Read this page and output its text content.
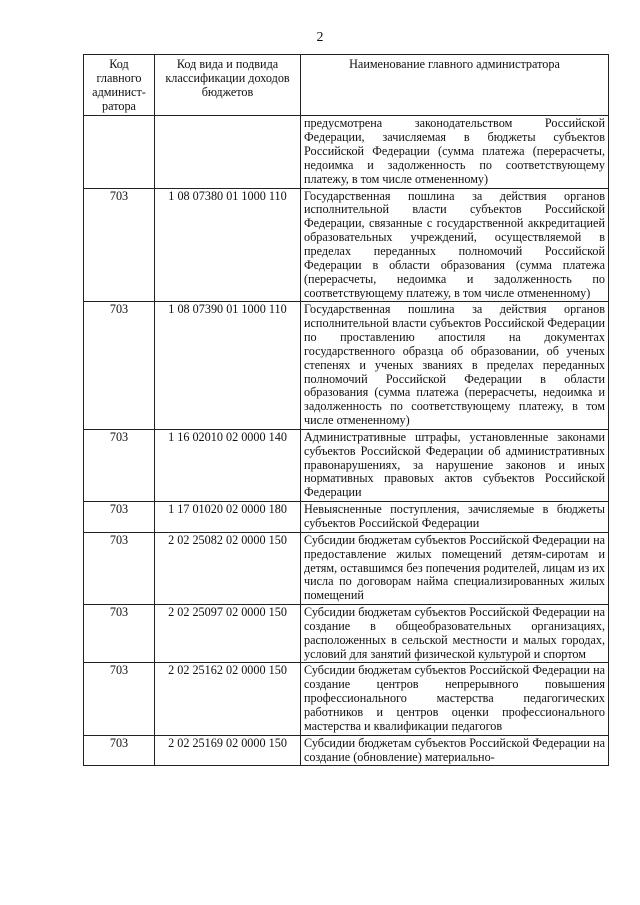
2
Код главного админист-ратора	Код вида и подвида классификации доходов бюджетов	Наименование главного администратора
		предусмотрена законодательством Российской Федерации, зачисляемая в бюджеты субъектов Российской Федерации (сумма платежа (перерасчеты, недоимка и задолженность по соответствующему платежу, в том числе отмененному)
703	1 08 07380 01 1000 110	Государственная пошлина за действия органов исполнительной власти субъектов Российской Федерации, связанные с государственной аккредитацией образовательных учреждений, осуществляемой в пределах переданных полномочий Российской Федерации в области образования (сумма платежа (перерасчеты, недоимка и задолженность по соответствующему платежу, в том числе отмененному)
703	1 08 07390 01 1000 110	Государственная пошлина за действия органов исполнительной власти субъектов Российской Федерации по проставлению апостиля на документах государственного образца об образовании, об ученых степенях и ученых званиях в пределах переданных полномочий Российской Федерации в области образования (сумма платежа (перерасчеты, недоимка и задолженность по соответствующему платежу, в том числе отмененному)
703	1 16 02010 02 0000 140	Административные штрафы, установленные законами субъектов Российской Федерации об административных правонарушениях, за нарушение законов и иных нормативных правовых актов субъектов Российской Федерации
703	1 17 01020 02 0000 180	Невыясненные поступления, зачисляемые в бюджеты субъектов Российской Федерации
703	2 02 25082 02 0000 150	Субсидии бюджетам субъектов Российской Федерации на предоставление жилых помещений детям-сиротам и детям, оставшимся без попечения родителей, лицам из их числа по договорам найма специализированных жилых помещений
703	2 02 25097 02 0000 150	Субсидии бюджетам субъектов Российской Федерации на создание в общеобразовательных организациях, расположенных в сельской местности и малых городах, условий для занятий физической культурой и спортом
703	2 02 25162 02 0000 150	Субсидии бюджетам субъектов Российской Федерации на создание центров непрерывного повышения профессионального мастерства педагогических работников и центров оценки профессионального мастерства и квалификации педагогов
703	2 02 25169 02 0000 150	Субсидии бюджетам субъектов Российской Федерации на создание (обновление) материально-
